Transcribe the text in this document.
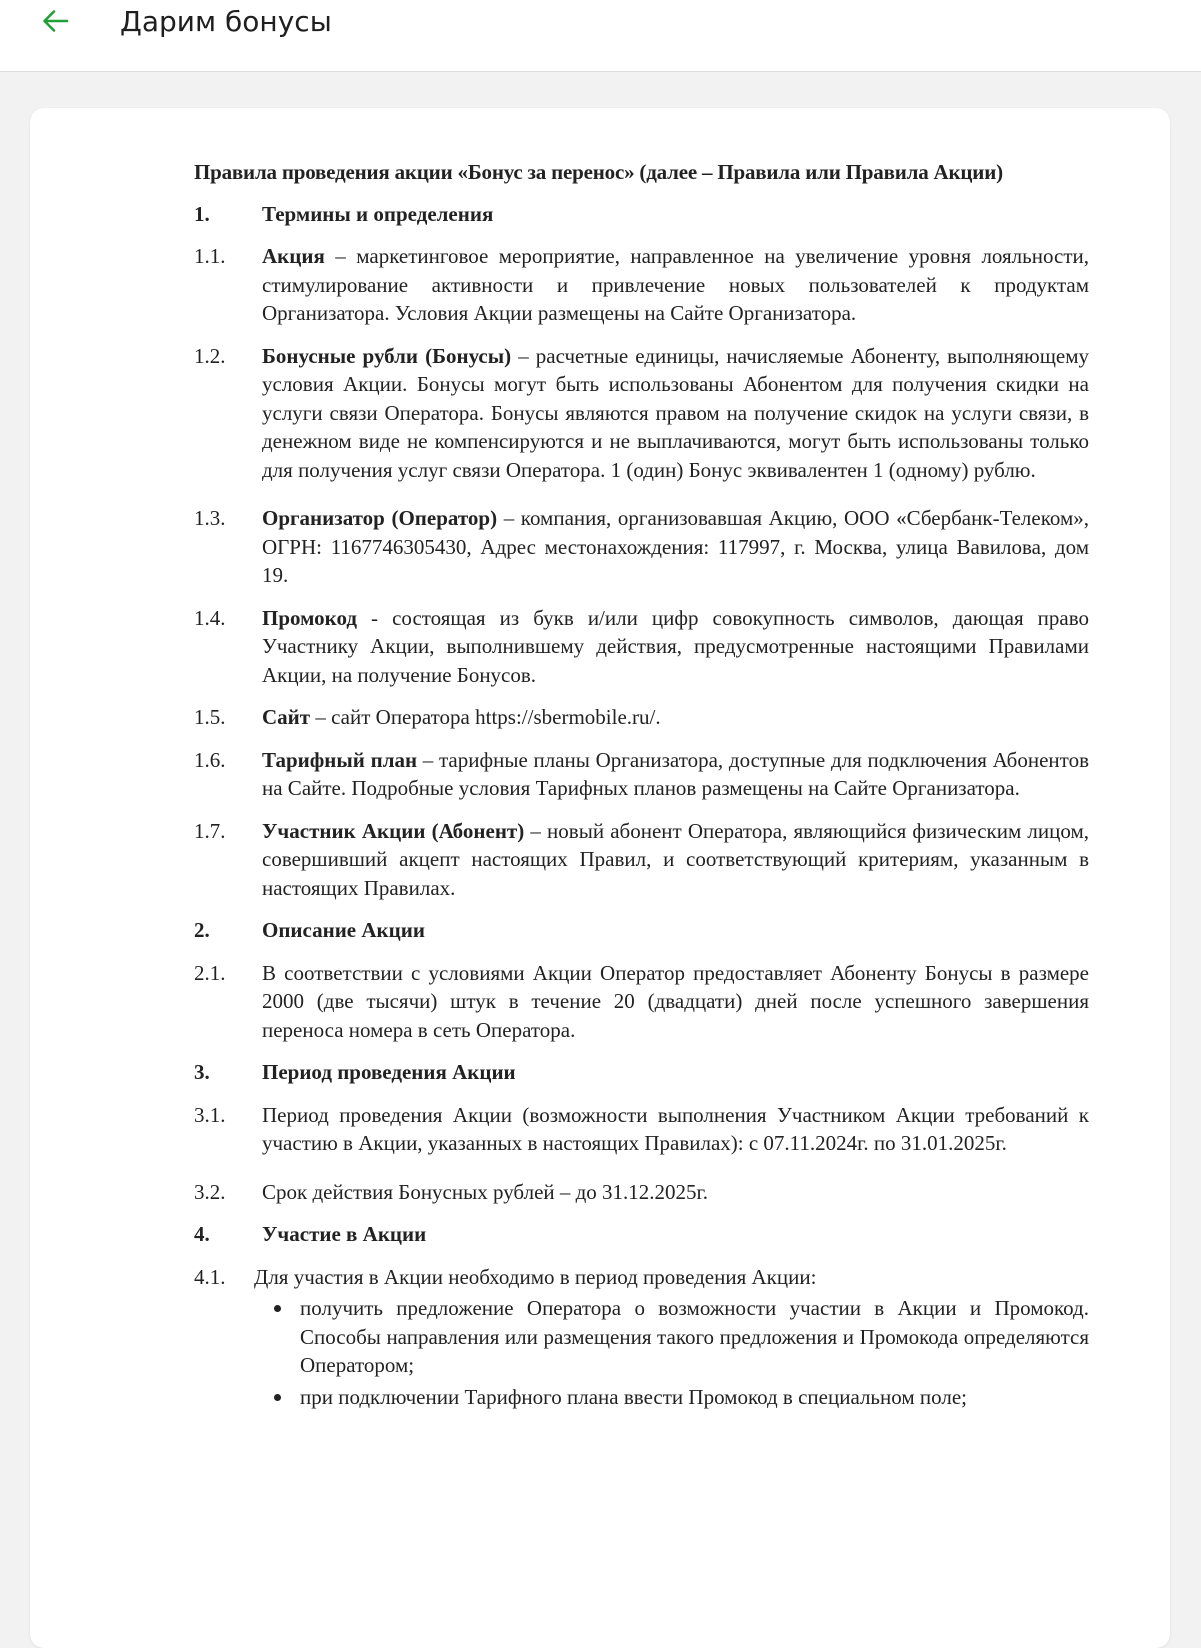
Дарим бонусы
Правила проведения акции «Бонус за перенос» (далее – Правила или Правила Акции)
1.	Термины и определения
1.1.	Акция – маркетинговое мероприятие, направленное на увеличение уровня лояльности, стимулирование активности и привлечение новых пользователей к продуктам Организатора. Условия Акции размещены на Сайте Организатора.
1.2.	Бонусные рубли (Бонусы) – расчетные единицы, начисляемые Абоненту, выполняющему условия Акции. Бонусы могут быть использованы Абонентом для получения скидки на услуги связи Оператора. Бонусы являются правом на получение скидок на услуги связи, в денежном виде не компенсируются и не выплачиваются, могут быть использованы только для получения услуг связи Оператора. 1 (один) Бонус эквивалентен 1 (одному) рублю.
1.3.	Организатор (Оператор) – компания, организовавшая Акцию, ООО «Сбербанк-Телеком», ОГРН: 1167746305430, Адрес местонахождения: 117997, г. Москва, улица Вавилова, дом 19.
1.4.	Промокод - состоящая из букв и/или цифр совокупность символов, дающая право Участнику Акции, выполнившему действия, предусмотренные настоящими Правилами Акции, на получение Бонусов.
1.5.	Сайт – сайт Оператора https://sbermobile.ru/.
1.6.	Тарифный план – тарифные планы Организатора, доступные для подключения Абонентов на Сайте. Подробные условия Тарифных планов размещены на Сайте Организатора.
1.7.	Участник Акции (Абонент) – новый абонент Оператора, являющийся физическим лицом, совершивший акцепт настоящих Правил, и соответствующий критериям, указанным в настоящих Правилах.
2.	Описание Акции
2.1.	В соответствии с условиями Акции Оператор предоставляет Абоненту Бонусы в размере 2000 (две тысячи) штук в течение 20 (двадцати) дней после успешного завершения переноса номера в сеть Оператора.
3.	Период проведения Акции
3.1.	Период проведения Акции (возможности выполнения Участником Акции требований к участию в Акции, указанных в настоящих Правилах): с 07.11.2024г. по 31.01.2025г.
3.2.	Срок действия Бонусных рублей – до 31.12.2025г.
4.	Участие в Акции
4.1.	Для участия в Акции необходимо в период проведения Акции:
получить предложение Оператора о возможности участии в Акции и Промокод. Способы направления или размещения такого предложения и Промокода определяются Оператором;
при подключении Тарифного плана ввести Промокод в специальном поле;
